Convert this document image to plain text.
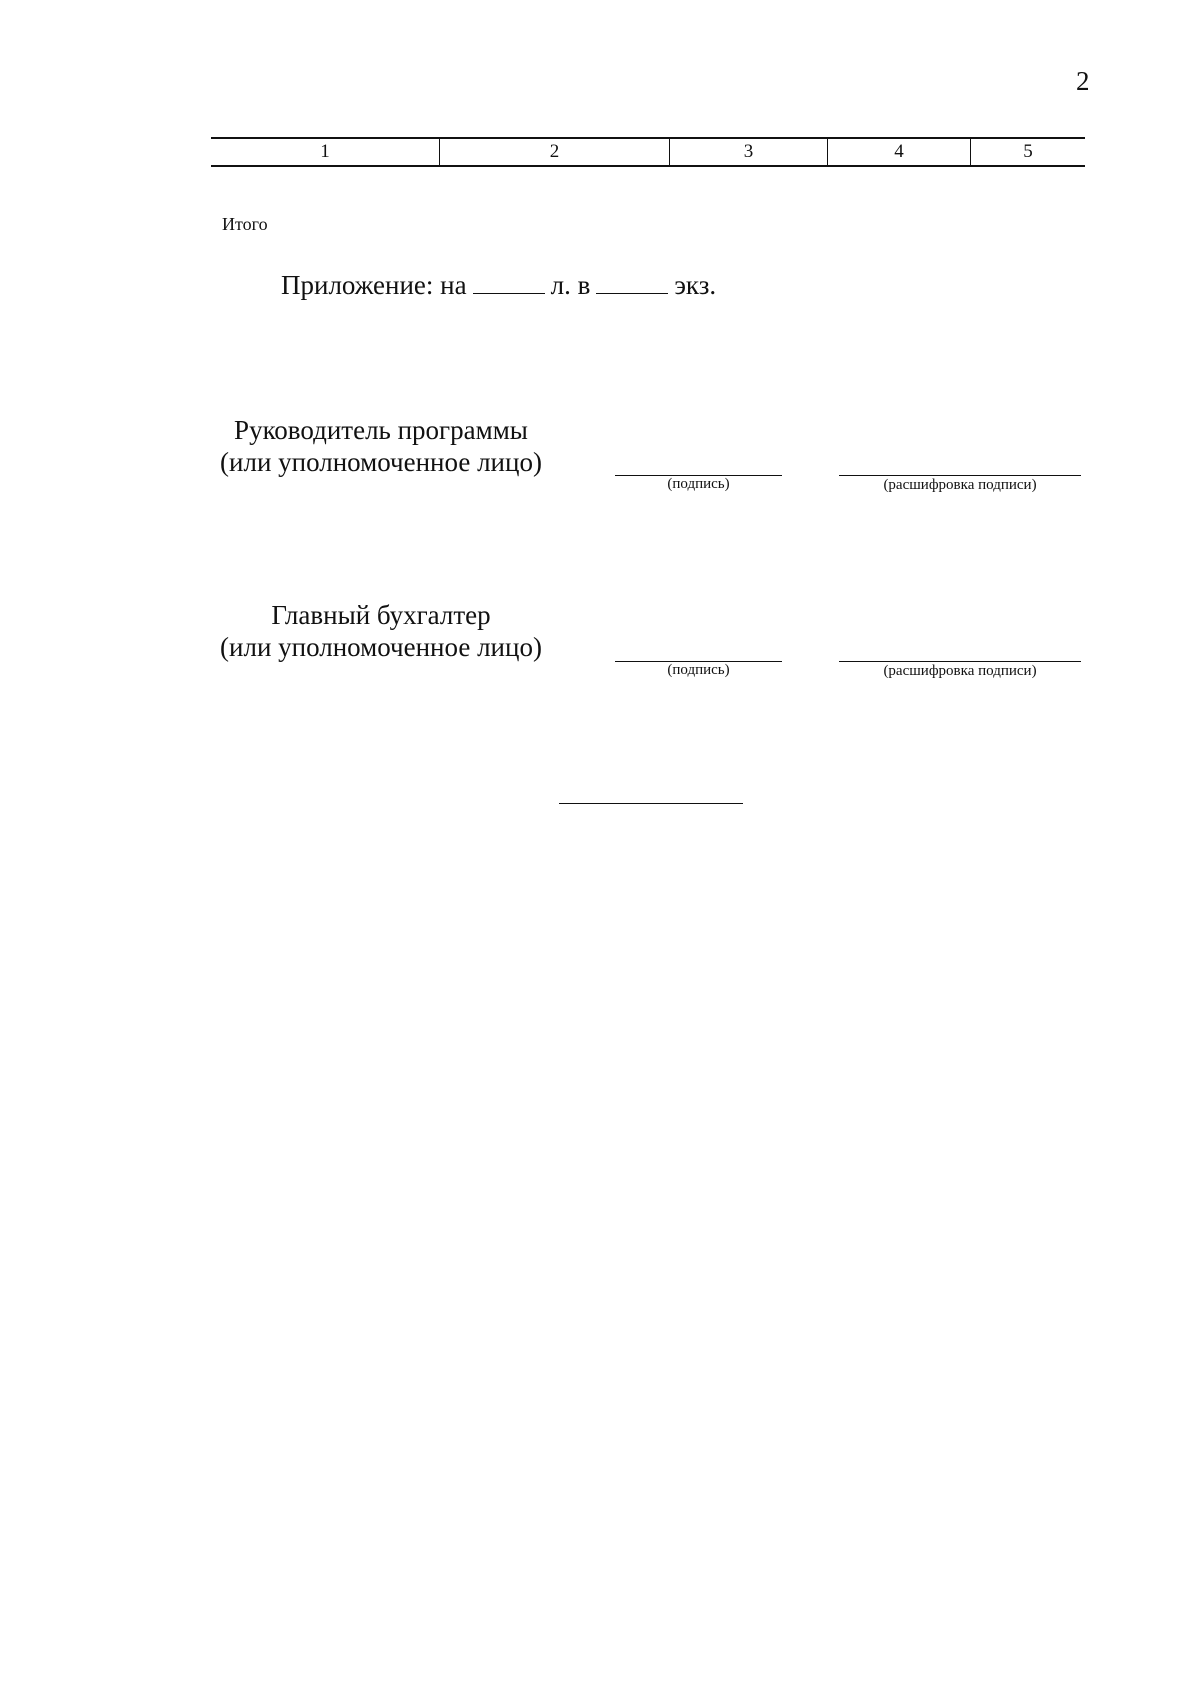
2
1	2	3	4	5
Итого
Приложение: на	л. в	экз.
Руководитель программы
(или уполномоченное лицо)
(подпись)	(расшифровка подписи)
Главный бухгалтер
(или уполномоченное лицо)
(подпись)	(расшифровка подписи)
